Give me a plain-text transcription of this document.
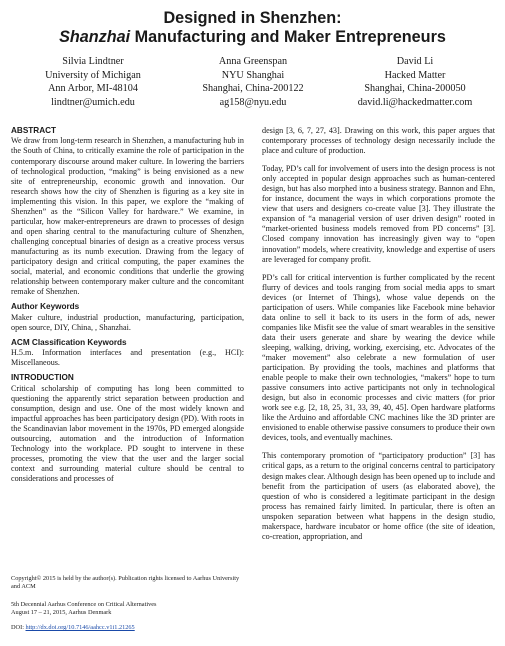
Designed in Shenzhen:
Shanzhai Manufacturing and Maker Entrepreneurs
Silvia Lindtner
University of Michigan
Ann Arbor, MI-48104
lindtner@umich.edu
Anna Greenspan
NYU Shanghai
Shanghai, China-200122
ag158@nyu.edu
David Li
Hacked Matter
Shanghai, China-200050
david.li@hackedmatter.com

ABSTRACT

We draw from long-term research in Shenzhen, a manufacturing hub in the South of China, to critically examine the role of participation in the contemporary discourse around maker culture. In lowering the barriers of technological production, “making” is being envisioned as a new site of entrepreneurship, economic growth and innovation. Our research shows how the city of Shenzhen is figuring as a key site in implementing this vision. In this paper, we explore the “making of Shenzhen” as the “Silicon Valley for hardware.” We examine, in particular, how maker-entrepreneurs are drawn to processes of design and open sharing central to the manufacturing culture of Shenzhen, challenging conceptual binaries of design as a creative process versus manufacturing as its numb execution. Drawing from the legacy of participatory design and critical computing, the paper examines the social, material, and economic conditions that underlie the growing relationship between contemporary maker culture and the concomitant remake of Shenzhen.

Author Keywords

Maker culture, industrial production, manufacturing, participation, open source, DIY, China, , Shanzhai.

ACM Classification Keywords

H.5.m. Information interfaces and presentation (e.g., HCI): Miscellaneous.

INTRODUCTION

Critical scholarship of computing has long been committed to questioning the apparently strict separation between production and consumption, design and use. One of the most widely known and impactful approaches has been participatory design (PD). With roots in the Scandinavian labor movement in the 1970s, PD emerged alongside outsourcing, automation and the introduction of Information Technology into the workplace. PD sought to intervene in these processes, promoting the view that the user and the larger social context and surrounding material culture should be central to considerations and processes of

Copyright© 2015 is held by the author(s). Publication rights licensed to Aarhus University and ACM
5th Decennial Aarhus Conference on Critical Alternatives
August 17 – 21, 2015, Aarhus Denmark
DOI: http://dx.doi.org/10.7146/aahcc.v1i1.21265

design [3, 6, 7, 27, 43]. Drawing on this work, this paper argues that contemporary processes of technology design necessarily include the place and culture of production.

Today, PD’s call for involvement of users into the design process is not only accepted in popular design approaches such as human-centered design, but has also morphed into a business strategy. Bannon and Ehn, for instance, document the ways in which corporations promote the view that users and designers co-create value [3]. They illustrate the expansion of “a managerial version of user driven design” rooted in “market-oriented business models removed from PD concerns” [3]. Closed company innovation has increasingly given way to “open innovation” models, where creativity, knowledge and expertise of users are leveraged for company profit.

PD’s call for critical intervention is further complicated by the recent flurry of devices and tools ranging from social media apps to smart devices (or Internet of Things), whose value depends on the participation of users. While companies like Facebook mine behavior data online to sell it back to its users in the form of ads, newer companies like Misfit see the value of smart wearables in the sensitive data their users generate and share by wearing the device while sleeping, walking, driving, working, exercising, etc. Advocates of the “maker movement” also celebrate a new formulation of user participation. By providing the tools, machines and platforms that enable people to make their own technologies, “makers” hope to turn passive consumers into active participants not only in technological design, but also in economic processes and civic matters (for prior work see e.g. [2, 18, 25, 31, 33, 39, 40, 45]. Open hardware platforms like the Arduino and affordable CNC machines like the 3D printer are envisioned to enable otherwise passive consumers to produce their own devices, tools, and eventually machines.

This contemporary promotion of “participatory production” [3] has critical gaps, as a return to the original concerns central to participatory design makes clear. Although design has been opened up to include and benefit from the participation of users (as elaborated above), the question of who is considered a legitimate participant in the design process has remained fairly limited. In particular, there is often an unspoken separation between what happens in the design studio, makerspace, hardware incubator or home office (the site of ideation, co-creation, appropriation, and
